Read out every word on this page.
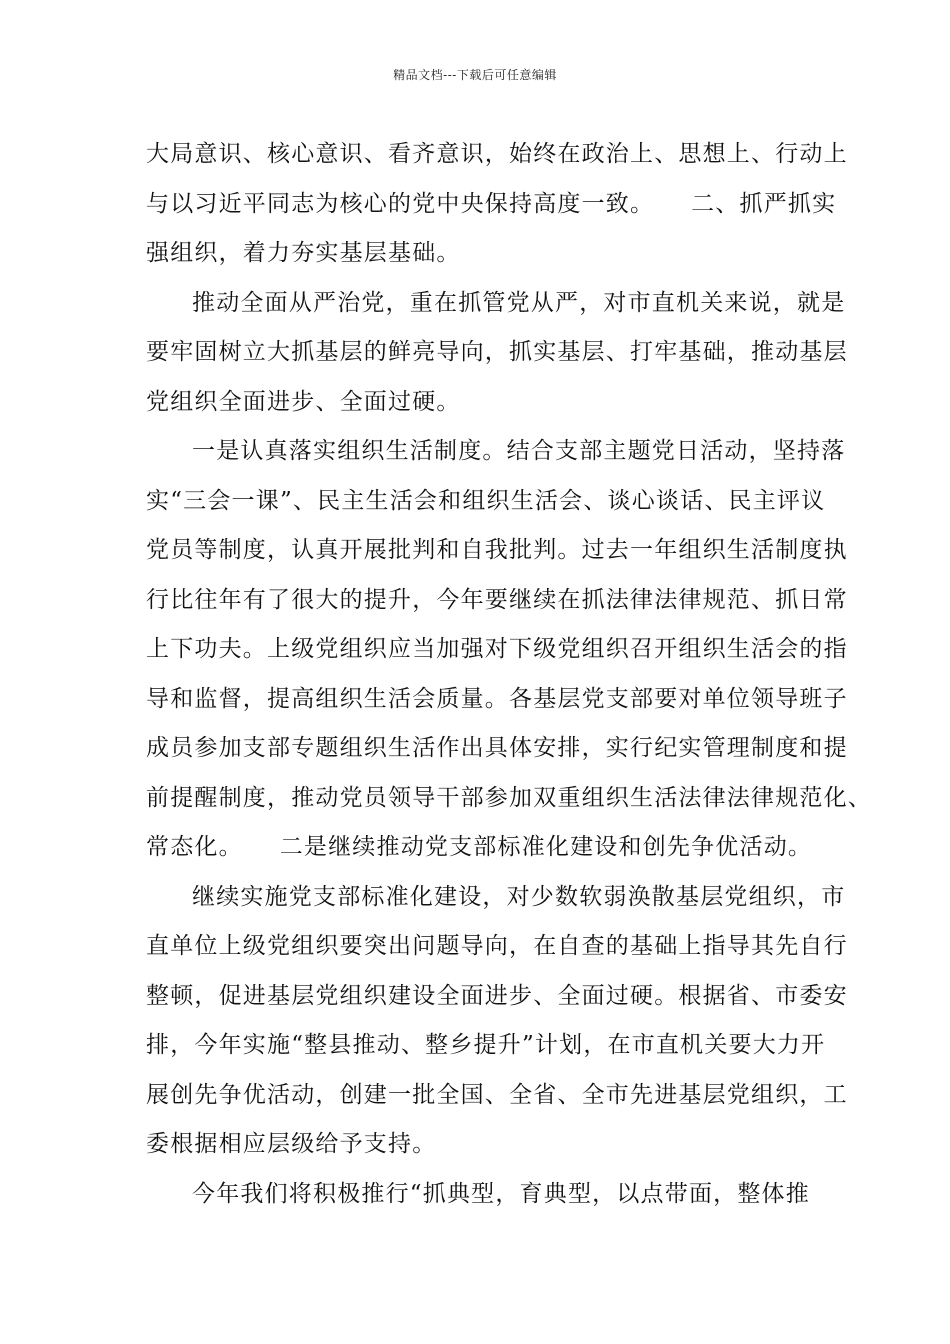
精品文档---下载后可任意编辑
大局意识、核心意识、看齐意识，始终在政治上、思想上、行动上
与以习近平同志为核心的党中央保持高度一致。　　二、抓严抓实
强组织，着力夯实基层基础。
推动全面从严治党，重在抓管党从严，对市直机关来说，就是
要牢固树立大抓基层的鲜亮导向，抓实基层、打牢基础，推动基层
党组织全面进步、全面过硬。
一是认真落实组织生活制度。结合支部主题党日活动，坚持落
实“三会一课”、民主生活会和组织生活会、谈心谈话、民主评议
党员等制度，认真开展批判和自我批判。过去一年组织生活制度执
行比往年有了很大的提升，今年要继续在抓法律法律规范、抓日常
上下功夫。上级党组织应当加强对下级党组织召开组织生活会的指
导和监督，提高组织生活会质量。各基层党支部要对单位领导班子
成员参加支部专题组织生活作出具体安排，实行纪实管理制度和提
前提醒制度，推动党员领导干部参加双重组织生活法律法律规范化、
常态化。　　二是继续推动党支部标准化建设和创先争优活动。
继续实施党支部标准化建设，对少数软弱涣散基层党组织，市
直单位上级党组织要突出问题导向，在自查的基础上指导其先自行
整顿，促进基层党组织建设全面进步、全面过硬。根据省、市委安
排，今年实施“整县推动、整乡提升”计划，在市直机关要大力开
展创先争优活动，创建一批全国、全省、全市先进基层党组织，工
委根据相应层级给予支持。
今年我们将积极推行“抓典型，育典型，以点带面，整体推
